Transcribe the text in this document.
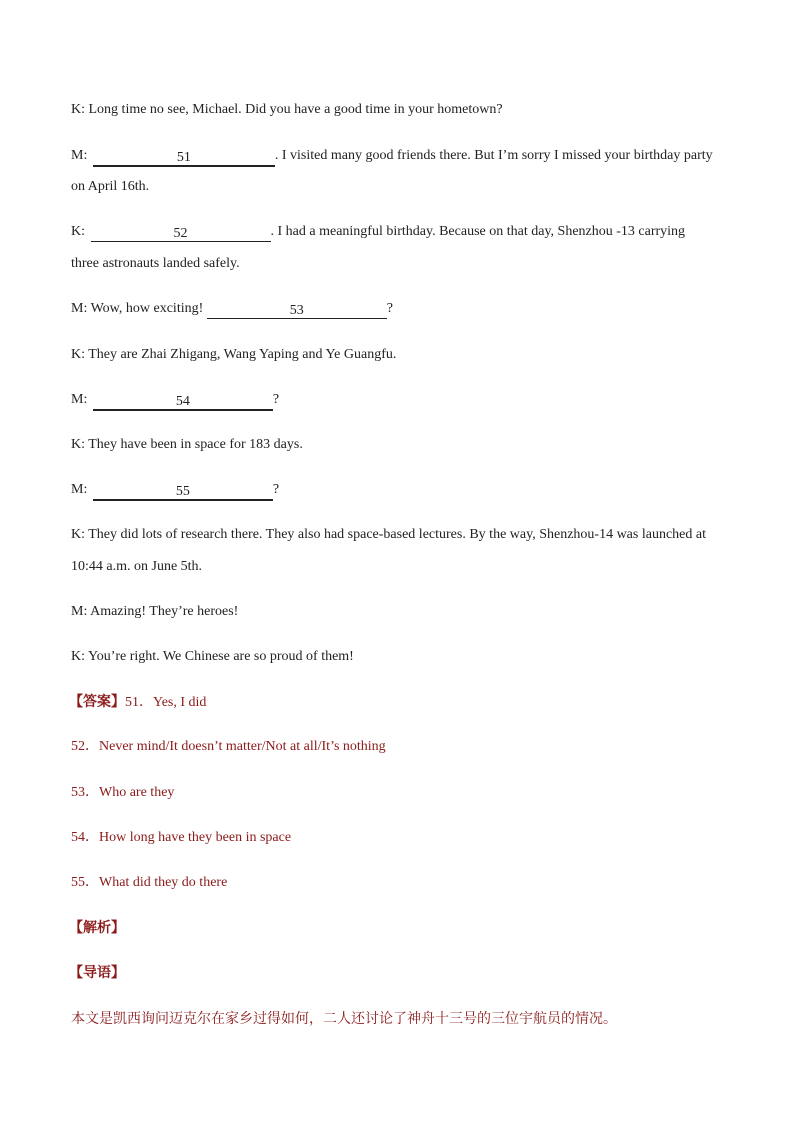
K: Long time no see, Michael. Did you have a good time in your hometown?
M:	51	. I visited many good friends there. But I’m sorry I missed your birthday party
on April 16th.
K:	52	. I had a meaningful birthday. Because on that day, Shenzhou -13 carrying
three astronauts landed safely.
M: Wow, how exciting!	53	?
K: They are Zhai Zhigang, Wang Yaping and Ye Guangfu.
M:	54	?
K: They have been in space for 183 days.
M:	55	?
K: They did lots of research there. They also had space-based lectures. By the way, Shenzhou-14 was launched at
10:44 a.m. on June 5th.
M: Amazing! They’re heroes!
K: You’re right. We Chinese are so proud of them!
【答案】51．Yes, I did
52．Never mind/It doesn’t matter/Not at all/It’s nothing
53．Who are they
54．How long have they been in space
55．What did they do there
【解析】
【导语】
本文是凯西询问迈克尔在家乡过得如何，二人还讨论了神舟十三号的三位宇航员的情况。
